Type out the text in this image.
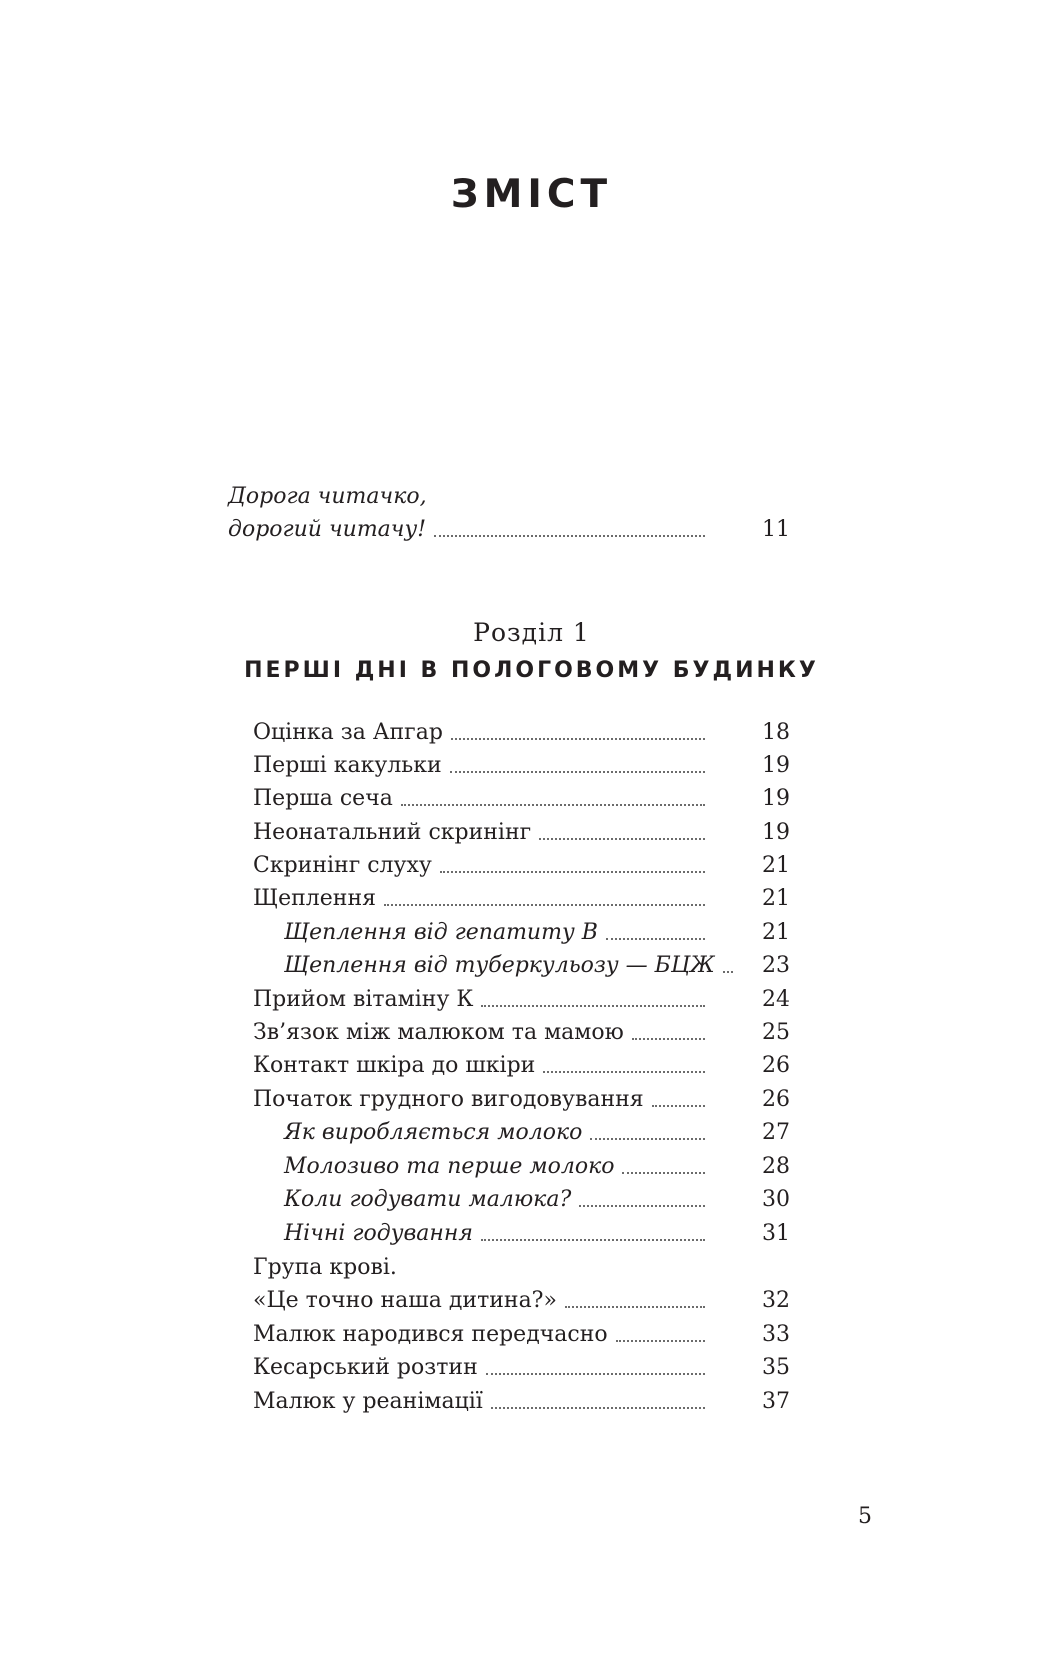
ЗМІСТ
Дорога читачко,
дорогий читачу!	11
Розділ 1
ПЕРШІ ДНІ В ПОЛОГОВОМУ БУДИНКУ
Оцінка за Апгар	18
Перші какульки	19
Перша сеча	19
Неонатальний скринінг	19
Скринінг слуху	21
Щеплення	21
Щеплення від гепатиту В	21
Щеплення від туберкульозу — БЦЖ	23
Прийом вітаміну К	24
Зв’язок між малюком та мамою	25
Контакт шкіра до шкіри	26
Початок грудного вигодовування	26
Як виробляється молоко	27
Молозиво та перше молоко	28
Коли годувати малюка?	30
Нічні годування	31
Група крові.
«Це точно наша дитина?»	32
Малюк народився передчасно	33
Кесарський розтин	35
Малюк у реанімації	37
5
